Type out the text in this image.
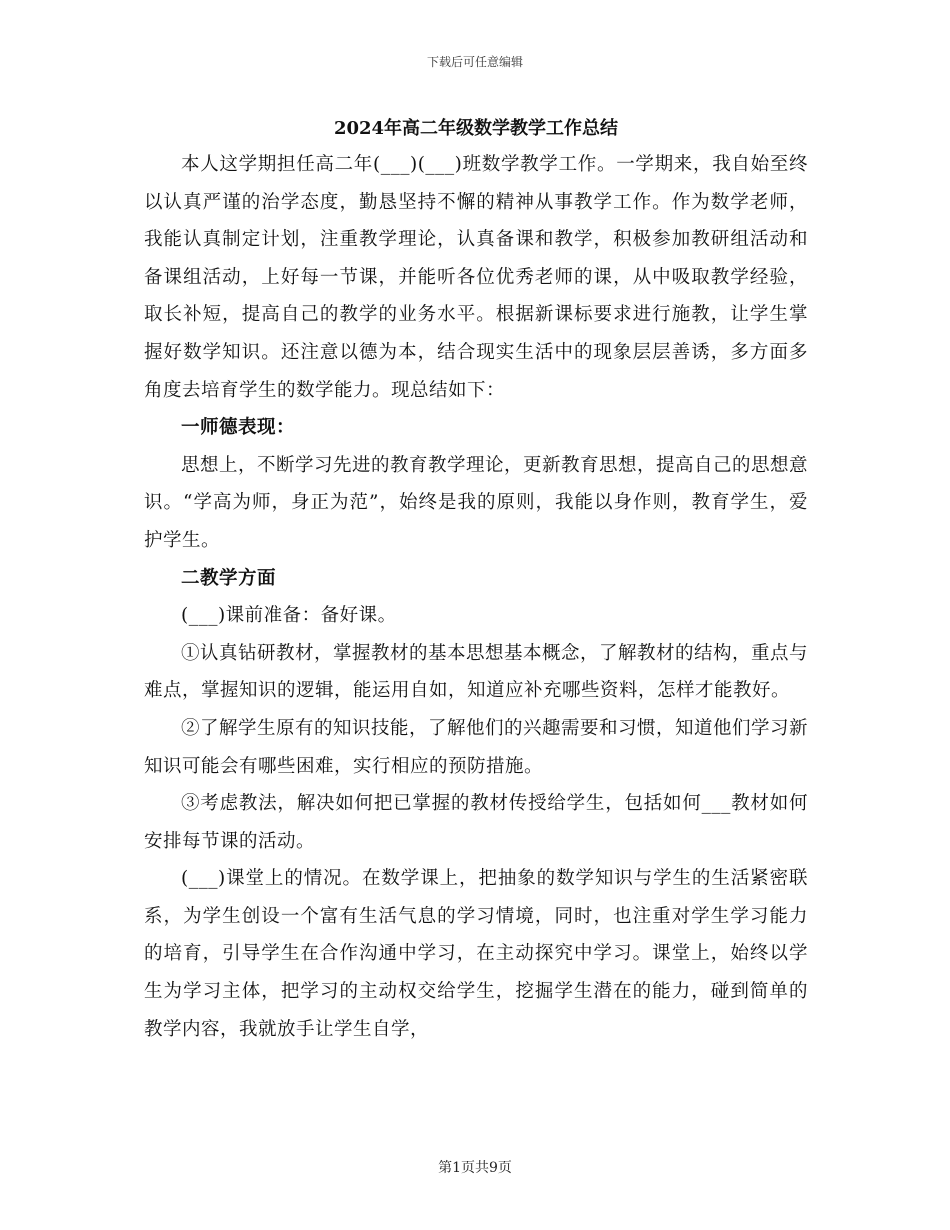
下载后可任意编辑
2024年高二年级数学教学工作总结

本人这学期担任高二年(___)(___)班数学教学工作。一学期来，我自始至终以认真严谨的治学态度，勤恳坚持不懈的精神从事教学工作。作为数学老师，我能认真制定计划，注重教学理论，认真备课和教学，积极参加教研组活动和备课组活动，上好每一节课，并能听各位优秀老师的课，从中吸取教学经验，取长补短，提高自己的教学的业务水平。根据新课标要求进行施教，让学生掌握好数学知识。还注意以德为本，结合现实生活中的现象层层善诱，多方面多角度去培育学生的数学能力。现总结如下：

一师德表现：

思想上，不断学习先进的教育教学理论，更新教育思想，提高自己的思想意识。“学高为师，身正为范”，始终是我的原则，我能以身作则，教育学生，爱护学生。

二教学方面

(___)课前准备：备好课。

①认真钻研教材，掌握教材的基本思想基本概念，了解教材的结构，重点与难点，掌握知识的逻辑，能运用自如，知道应补充哪些资料，怎样才能教好。

②了解学生原有的知识技能，了解他们的兴趣需要和习惯，知道他们学习新知识可能会有哪些困难，实行相应的预防措施。

③考虑教法，解决如何把已掌握的教材传授给学生，包括如何___教材如何安排每节课的活动。

(___)课堂上的情况。在数学课上，把抽象的数学知识与学生的生活紧密联系，为学生创设一个富有生活气息的学习情境，同时，也注重对学生学习能力的培育，引导学生在合作沟通中学习，在主动探究中学习。课堂上，始终以学生为学习主体，把学习的主动权交给学生，挖掘学生潜在的能力，碰到简单的教学内容，我就放手让学生自学，

第1页共9页
